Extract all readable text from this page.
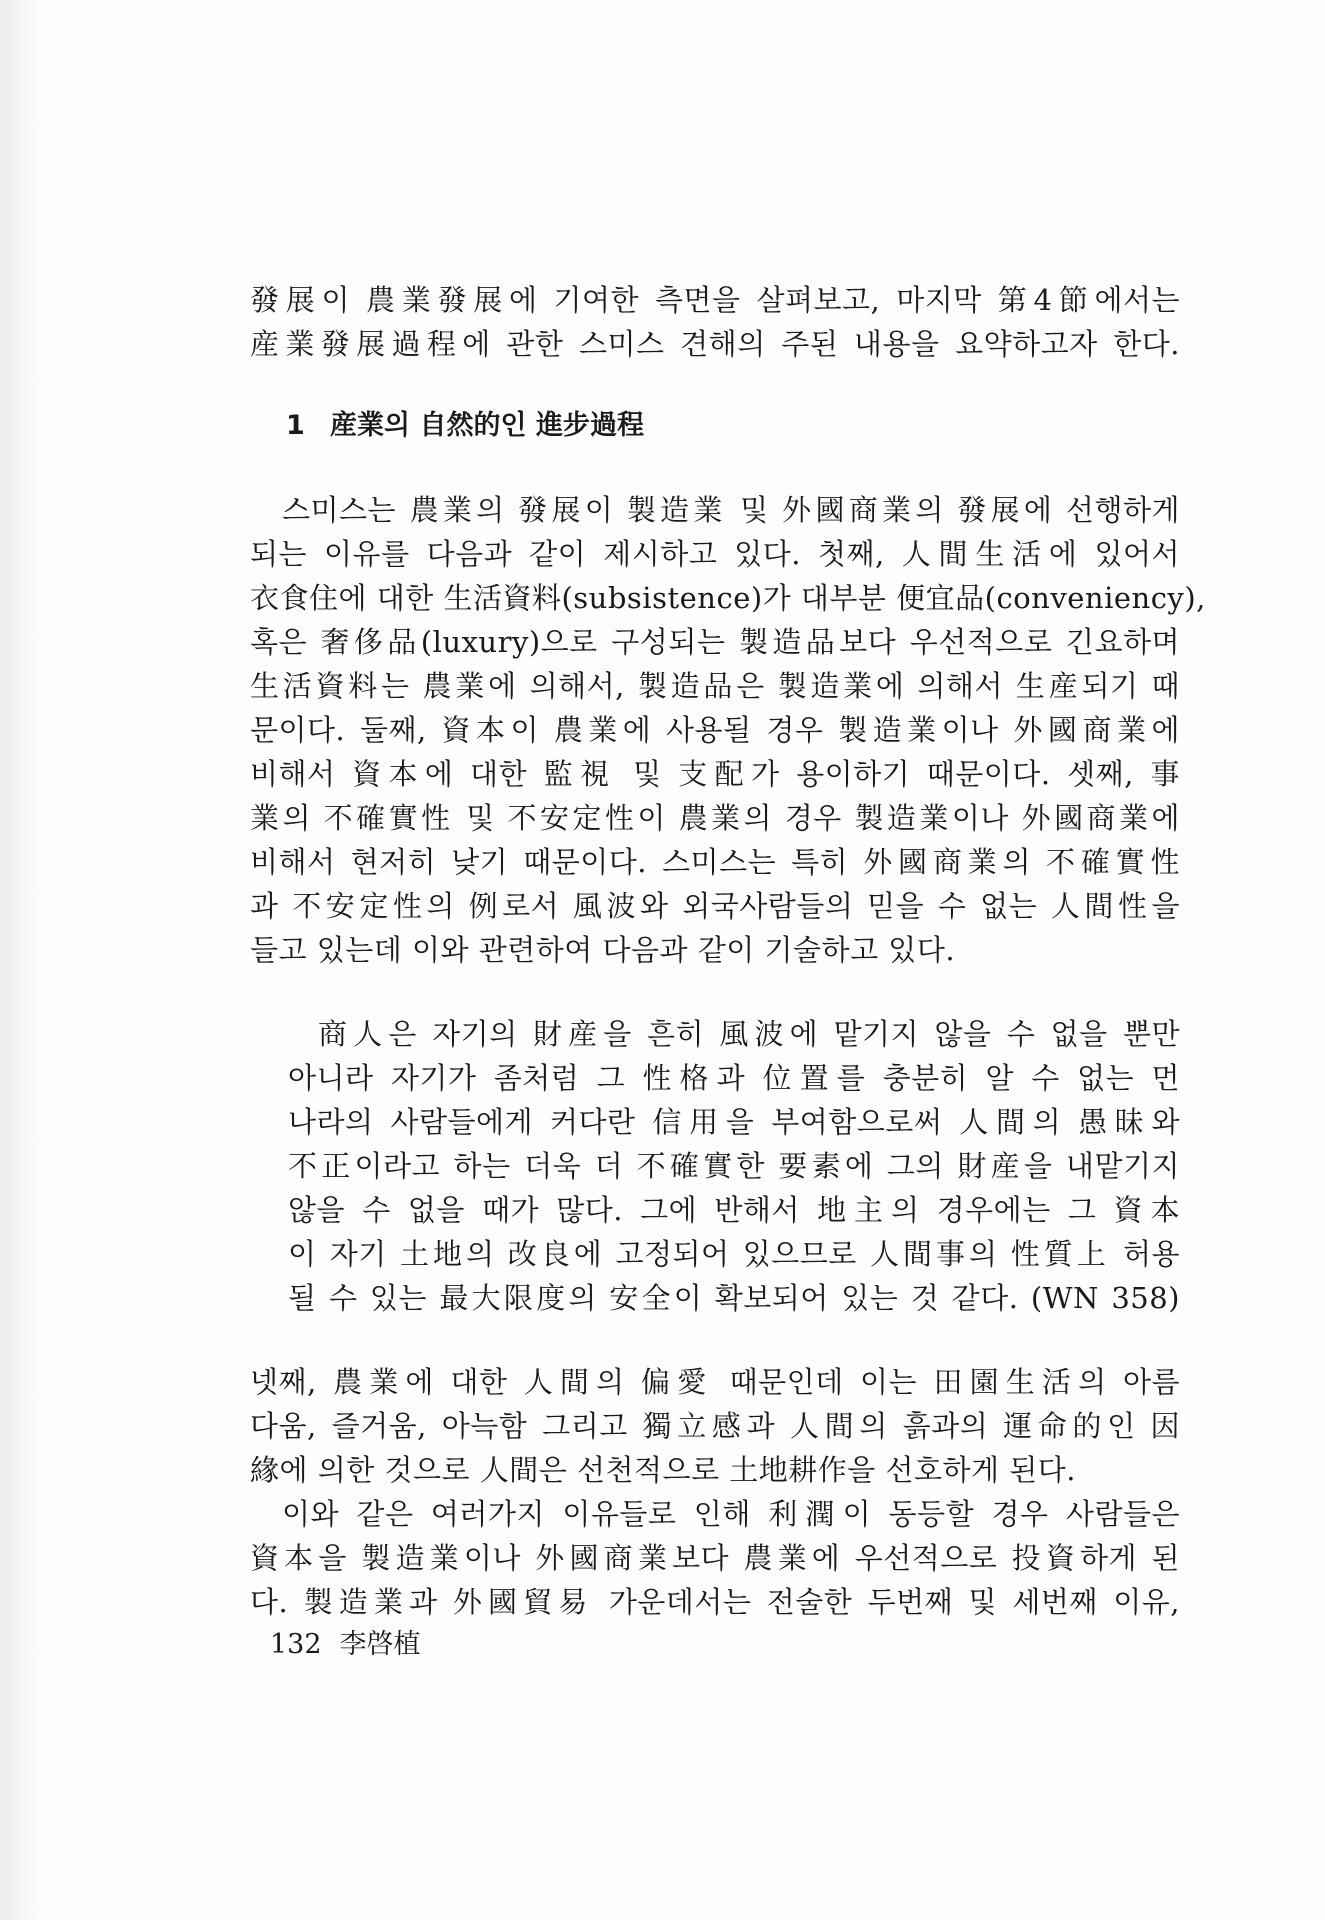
發展이 農業發展에 기여한 측면을 살펴보고, 마지막 第4節에서는
産業發展過程에 관한 스미스 견해의 주된 내용을 요약하고자 한다.
1 産業의 自然的인 進步過程
스미스는 農業의 發展이 製造業 및 外國商業의 發展에 선행하게
되는 이유를 다음과 같이 제시하고 있다. 첫째, 人間生活에 있어서
衣食住에 대한 生活資料(subsistence)가 대부분 便宜品(conveniency),
혹은 奢侈品(luxury)으로 구성되는 製造品보다 우선적으로 긴요하며
生活資料는 農業에 의해서, 製造品은 製造業에 의해서 生産되기 때
문이다. 둘째, 資本이 農業에 사용될 경우 製造業이나 外國商業에
비해서 資本에 대한 監視 및 支配가 용이하기 때문이다. 셋째, 事
業의 不確實性 및 不安定性이 農業의 경우 製造業이나 外國商業에
비해서 현저히 낮기 때문이다. 스미스는 특히 外國商業의 不確實性
과 不安定性의 例로서 風波와 외국사람들의 믿을 수 없는 人間性을
들고 있는데 이와 관련하여 다음과 같이 기술하고 있다.
商人은 자기의 財産을 흔히 風波에 맡기지 않을 수 없을 뿐만
아니라 자기가 좀처럼 그 性格과 位置를 충분히 알 수 없는 먼
나라의 사람들에게 커다란 信用을 부여함으로써 人間의 愚昧와
不正이라고 하는 더욱 더 不確實한 要素에 그의 財産을 내맡기지
않을 수 없을 때가 많다. 그에 반해서 地主의 경우에는 그 資本
이 자기 土地의 改良에 고정되어 있으므로 人間事의 性質上 허용
될 수 있는 最大限度의 安全이 확보되어 있는 것 같다. (WN 358)
넷째, 農業에 대한 人間의 偏愛 때문인데 이는 田園生活의 아름
다움, 즐거움, 아늑함 그리고 獨立感과 人間의 흙과의 運命的인 因
緣에 의한 것으로 人間은 선천적으로 土地耕作을 선호하게 된다.
이와 같은 여러가지 이유들로 인해 利潤이 동등할 경우 사람들은
資本을 製造業이나 外國商業보다 農業에 우선적으로 投資하게 된
다. 製造業과 外國貿易 가운데서는 전술한 두번째 및 세번째 이유,
132 李啓植
